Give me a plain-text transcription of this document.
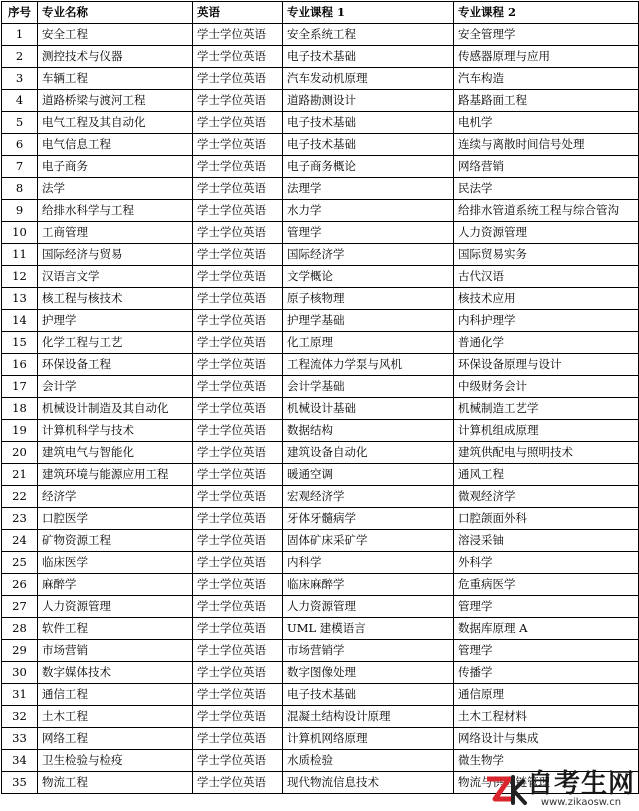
序号	专业名称	英语	专业课程 1	专业课程 2
1	安全工程	学士学位英语	安全系统工程	安全管理学
2	测控技术与仪器	学士学位英语	电子技术基础	传感器原理与应用
3	车辆工程	学士学位英语	汽车发动机原理	汽车构造
4	道路桥梁与渡河工程	学士学位英语	道路勘测设计	路基路面工程
5	电气工程及其自动化	学士学位英语	电子技术基础	电机学
6	电气信息工程	学士学位英语	电子技术基础	连续与离散时间信号处理
7	电子商务	学士学位英语	电子商务概论	网络营销
8	法学	学士学位英语	法理学	民法学
9	给排水科学与工程	学士学位英语	水力学	给排水管道系统工程与综合管沟
10	工商管理	学士学位英语	管理学	人力资源管理
11	国际经济与贸易	学士学位英语	国际经济学	国际贸易实务
12	汉语言文学	学士学位英语	文学概论	古代汉语
13	核工程与核技术	学士学位英语	原子核物理	核技术应用
14	护理学	学士学位英语	护理学基础	内科护理学
15	化学工程与工艺	学士学位英语	化工原理	普通化学
16	环保设备工程	学士学位英语	工程流体力学泵与风机	环保设备原理与设计
17	会计学	学士学位英语	会计学基础	中级财务会计
18	机械设计制造及其自动化	学士学位英语	机械设计基础	机械制造工艺学
19	计算机科学与技术	学士学位英语	数据结构	计算机组成原理
20	建筑电气与智能化	学士学位英语	建筑设备自动化	建筑供配电与照明技术
21	建筑环境与能源应用工程	学士学位英语	暖通空调	通风工程
22	经济学	学士学位英语	宏观经济学	微观经济学
23	口腔医学	学士学位英语	牙体牙髓病学	口腔颌面外科
24	矿物资源工程	学士学位英语	固体矿床采矿学	溶浸采铀
25	临床医学	学士学位英语	内科学	外科学
26	麻醉学	学士学位英语	临床麻醉学	危重病医学
27	人力资源管理	学士学位英语	人力资源管理	管理学
28	软件工程	学士学位英语	UML 建模语言	数据库原理 A
29	市场营销	学士学位英语	市场营销学	管理学
30	数字媒体技术	学士学位英语	数字图像处理	传播学
31	通信工程	学士学位英语	电子技术基础	通信原理
32	土木工程	学士学位英语	混凝土结构设计原理	土木工程材料
33	网络工程	学士学位英语	计算机网络原理	网络设计与集成
34	卫生检验与检疫	学士学位英语	水质检验	微生物学
35	物流工程	学士学位英语	现代物流信息技术	物流与供应链管理
自考生网
www.zikaosw.cn
